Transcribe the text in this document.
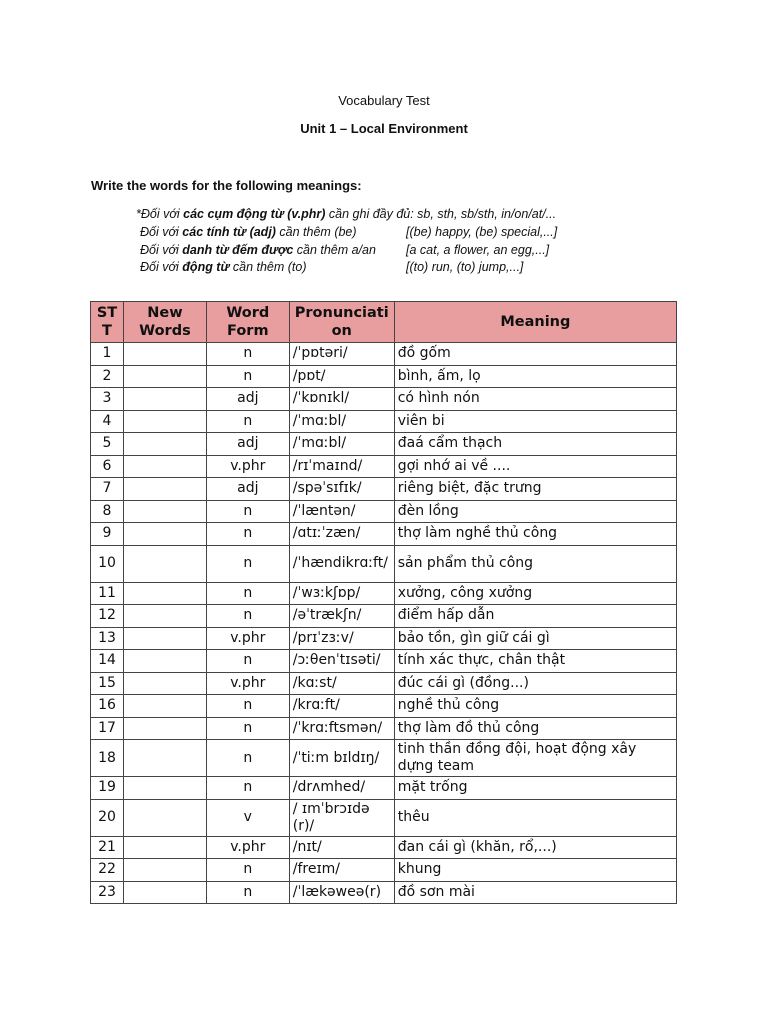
Vocabulary Test
Unit 1 – Local Environment
Write the words for the following meanings:
*Đối với các cụm động từ (v.phr) cần ghi đầy đủ: sb, sth, sb/sth, in/on/at/...
Đối với các tính từ (adj) cần thêm (be)	[(be) happy, (be) special,...]
Đối với danh từ đếm được cần thêm a/an	[a cat, a flower, an egg,...]
Đối với động từ cần thêm (to)	[(to) run, (to) jump,...]
ST T	New Words	Word Form	Pronunciati on	Meaning
1		n	/ˈpɒtəri/	đồ gốm
2		n	/pɒt/	bình, ấm, lọ
3		adj	/ˈkɒnɪkl/	có hình nón
4		n	/ˈmɑːbl/	viên bi
5		adj	/ˈmɑːbl/	đaá cẩm thạch
6		v.phr	/rɪˈmaɪnd/	gợi nhớ ai về ....
7		adj	/spəˈsɪfɪk/	riêng biệt, đặc trưng
8		n	/ˈlæntən/	đèn lồng
9		n	/ɑtɪːˈzæn/	thợ làm nghề thủ công
10		n	/ˈhændikrɑːft/	sản phẩm thủ công
11		n	/ˈwɜːkʃɒp/	xưởng, công xưởng
12		n	/əˈtrækʃn/	điểm hấp dẫn
13		v.phr	/prɪˈzɜːv/	bảo tồn, gìn giữ cái gì
14		n	/ɔːθenˈtɪsəti/	tính xác thực, chân thật
15		v.phr	/kɑːst/	đúc cái gì (đồng...)
16		n	/krɑːft/	nghề thủ công
17		n	/ˈkrɑːftsmən/	thợ làm đồ thủ công
18		n	/ˈtiːm bɪldɪŋ/	tinh thần đồng đội, hoạt động xây dựng team
19		n	/drʌmhed/	mặt trống
20		v	/ ɪmˈbrɔɪdə(r)/	thêu
21		v.phr	/nɪt/	đan cái gì (khăn, rổ,...)
22		n	/freɪm/	khung
23		n	/ˈlækəweə(r)	đồ sơn mài
